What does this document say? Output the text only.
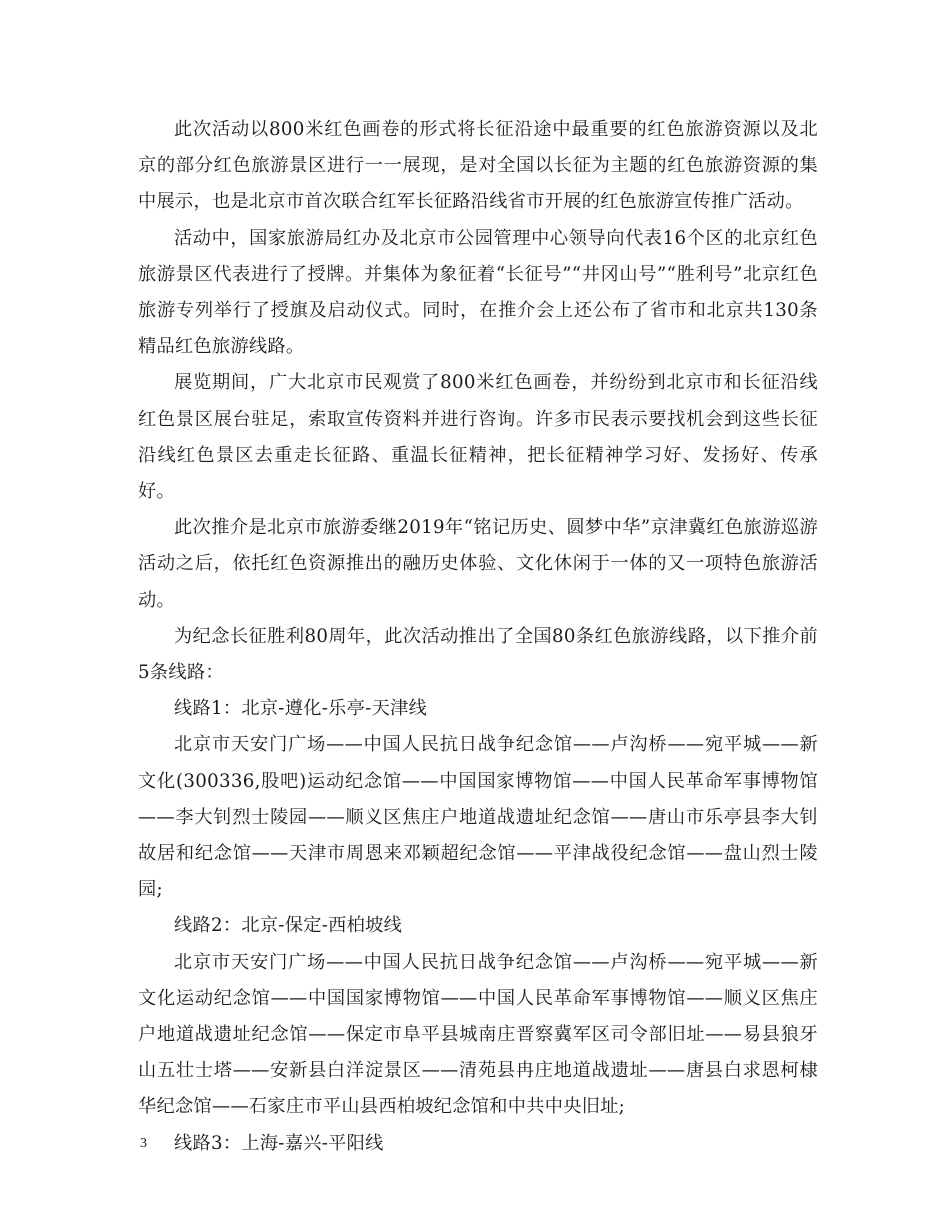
此次活动以800米红色画卷的形式将长征沿途中最重要的红色旅游资源以及北京的部分红色旅游景区进行一一展现，是对全国以长征为主题的红色旅游资源的集中展示，也是北京市首次联合红军长征路沿线省市开展的红色旅游宣传推广活动。

活动中，国家旅游局红办及北京市公园管理中心领导向代表16个区的北京红色旅游景区代表进行了授牌。并集体为象征着“长征号”“井冈山号”“胜利号”北京红色旅游专列举行了授旗及启动仪式。同时，在推介会上还公布了省市和北京共130条精品红色旅游线路。

展览期间，广大北京市民观赏了800米红色画卷，并纷纷到北京市和长征沿线红色景区展台驻足，索取宣传资料并进行咨询。许多市民表示要找机会到这些长征沿线红色景区去重走长征路、重温长征精神，把长征精神学习好、发扬好、传承好。

此次推介是北京市旅游委继2019年“铭记历史、圆梦中华”京津冀红色旅游巡游活动之后，依托红色资源推出的融历史体验、文化休闲于一体的又一项特色旅游活动。

为纪念长征胜利80周年，此次活动推出了全国80条红色旅游线路，以下推介前5条线路：

线路1：北京-遵化-乐亭-天津线

北京市天安门广场——中国人民抗日战争纪念馆——卢沟桥——宛平城——新文化(300336,股吧)运动纪念馆——中国国家博物馆——中国人民革命军事博物馆——李大钊烈士陵园——顺义区焦庄户地道战遗址纪念馆——唐山市乐亭县李大钊故居和纪念馆——天津市周恩来邓颖超纪念馆——平津战役纪念馆——盘山烈士陵园;

线路2：北京-保定-西柏坡线

北京市天安门广场——中国人民抗日战争纪念馆——卢沟桥——宛平城——新文化运动纪念馆——中国国家博物馆——中国人民革命军事博物馆——顺义区焦庄户地道战遗址纪念馆——保定市阜平县城南庄晋察冀军区司令部旧址——易县狼牙山五壮士塔——安新县白洋淀景区——清苑县冉庄地道战遗址——唐县白求恩柯棣华纪念馆——石家庄市平山县西柏坡纪念馆和中共中央旧址;

线路3：上海-嘉兴-平阳线

3
